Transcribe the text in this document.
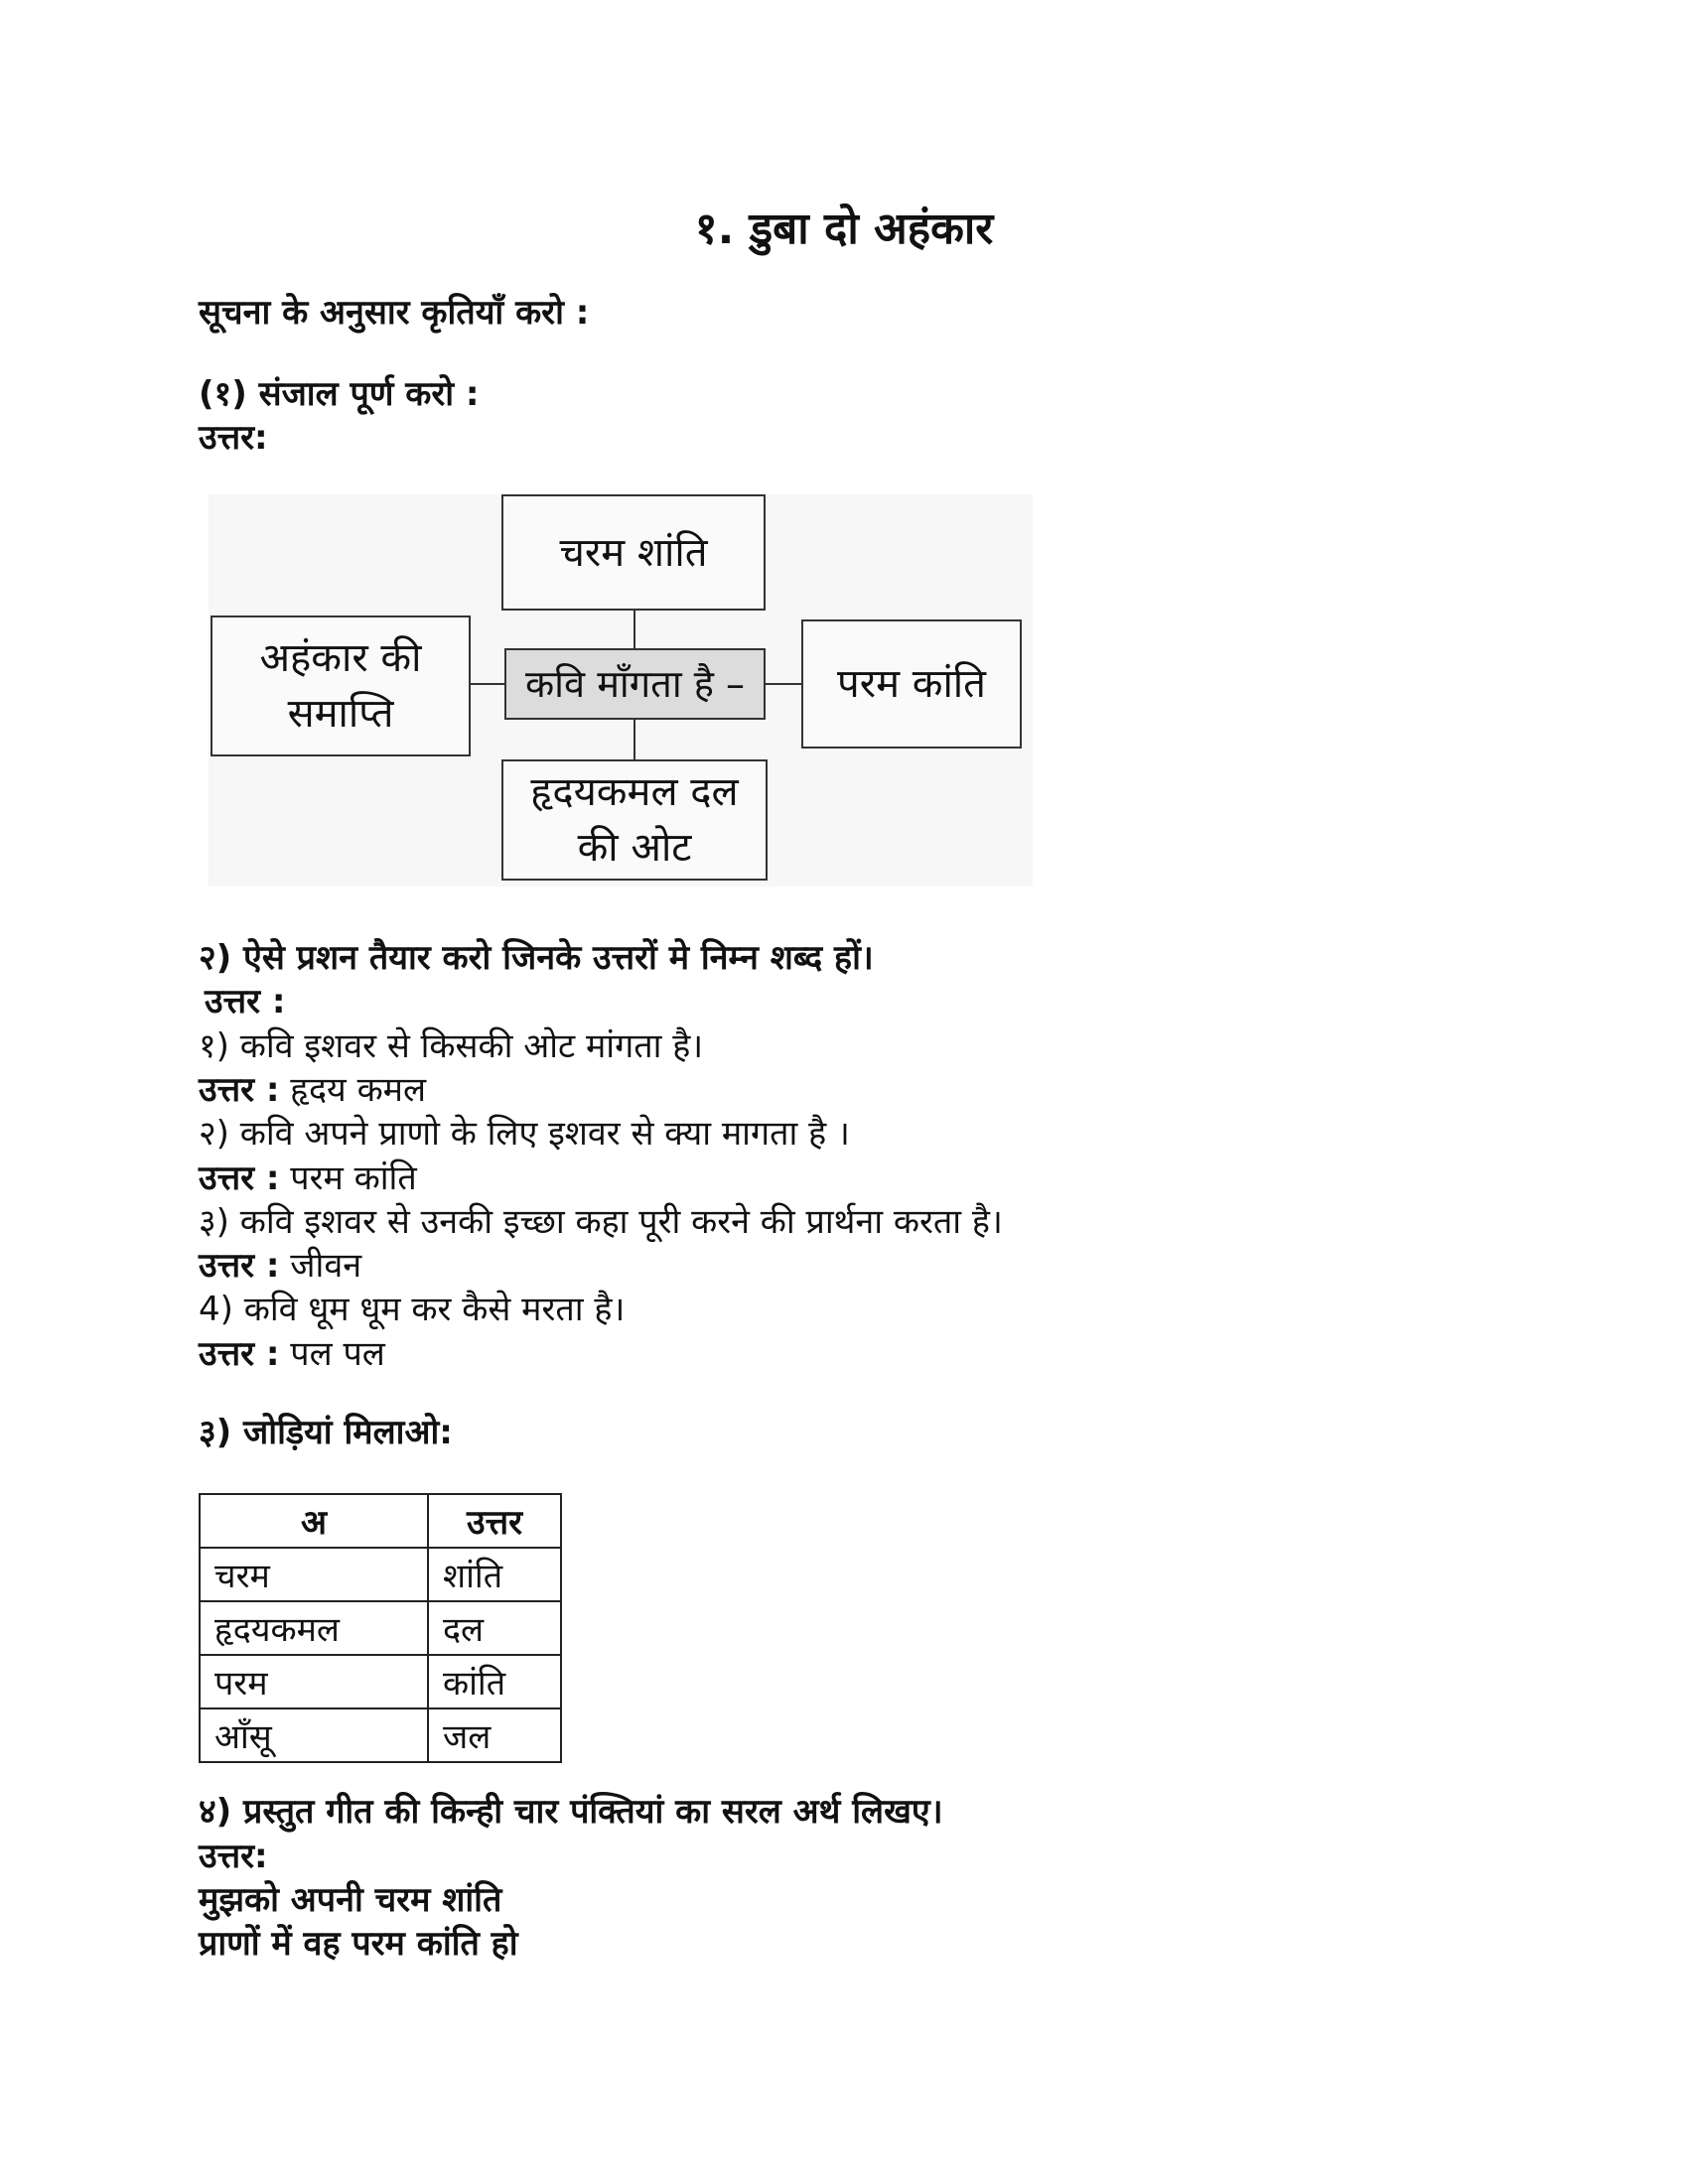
१. डुबा दो अहंकार
सूचना के अनुसार कृतियाँ करो :
(१) संजाल पूर्ण करो :
उत्तर:
चरम शांति
अहंकार की
समाप्ति
कवि माँगता है – परम कांति
हृदयकमल दल
की ओट
२) ऐसे प्रशन तैयार करो जिनके उत्तरों मे निम्न शब्द हों।
उत्तर :
१) कवि इशवर से किसकी ओट मांगता है।
उत्तर : हृदय कमल
२) कवि अपने प्राणो के लिए इशवर से क्या मागता है ।
उत्तर : परम कांति
३) कवि इशवर से उनकी इच्छा कहा पूरी करने की प्रार्थना करता है।
उत्तर : जीवन
4) कवि धूम धूम कर कैसे मरता है।
उत्तर : पल पल
३) जोड़ियां मिलाओ:
अ	उत्तर
चरम	शांति
हृदयकमल	दल
परम	कांति
आँसू	जल
४) प्रस्तुत गीत की किन्ही चार पंक्तियां का सरल अर्थ लिखए।
उत्तर:
मुझको अपनी चरम शांति
प्राणों में वह परम कांति हो
